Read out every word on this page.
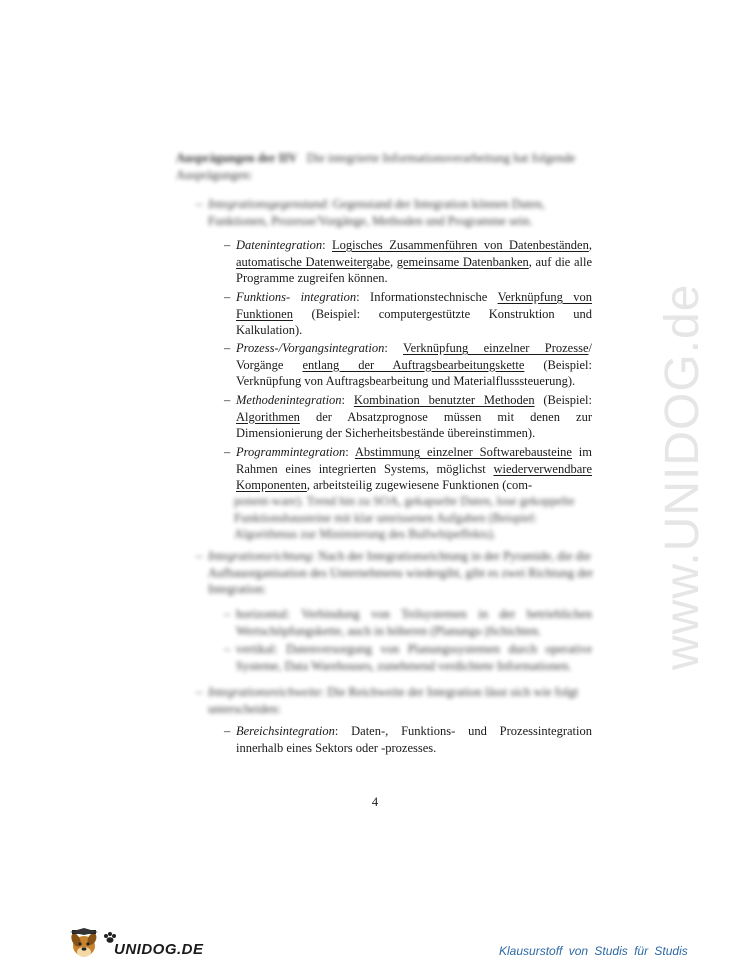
Ausprägungen der IIV Die integrierte Informationsverarbeitung hat folgende Ausprägungen:
– Integrationsgegenstand: Gegenstand der Integration können Daten, Funktionen, Prozesse/Vorgänge, Methoden und Programme sein.
– Datenintegration: Logisches Zusammenführen von Datenbeständen, automatische Datenweitergabe, gemeinsame Datenbanken, auf die alle Programme zugreifen können.
– Funktions- integration: Informationstechnische Verknüpfung von Funktionen (Beispiel: computergestützte Konstruktion und Kalkulation).
– Prozess-/Vorgangsintegration: Verknüpfung einzelner Prozesse/ Vorgänge entlang der Auftragsbearbeitungskette (Beispiel: Verknüpfung von Auftragsbearbeitung und Materialflusssteuerung).
– Methodenintegration: Kombination benutzter Methoden (Beispiel: Algorithmen der Absatzprognose müssen mit denen zur Dimensionierung der Sicherheitsbestände übereinstimmen).
– Programmintegration: Abstimmung einzelner Softwarebausteine im Rahmen eines integrierten Systems, möglichst wiederverwendbare Komponenten, arbeitsteilig zugewiesene Funktionen (com-
ponent-ware). Trend hin zu SOA, gekapselte Daten, lose gekoppelte Funktionsbausteine mit klar umrissenen Aufgaben (Beispiel: Algorithmus zur Minimierung des Bullwhipeffekts).
– Integrationsrichtung: Nach der Integrationsrichtung in der Pyramide, die die Aufbauorganisation des Unternehmens wiedergibt, gibt es zwei Richtung der Integration:
– horizontal: Verbindung von Teilsystemen in der betrieblichen Wertschöpfungskette, auch in höheren (Planungs-)Schichten.
– vertikal: Datenversorgung von Planungssystemen durch operative Systeme, Data Warehouses, zunehmend verdichtete Informationen.
– Integrationsreichweite: Die Reichweite der Integration lässt sich wie folgt unterscheiden:
– Bereichsintegration: Daten-, Funktions- und Prozessintegration innerhalb eines Sektors oder -prozesses.
4
www.UNIDOG.de
UNIDOG.DE	Klausurstoff von Studis für Studis
